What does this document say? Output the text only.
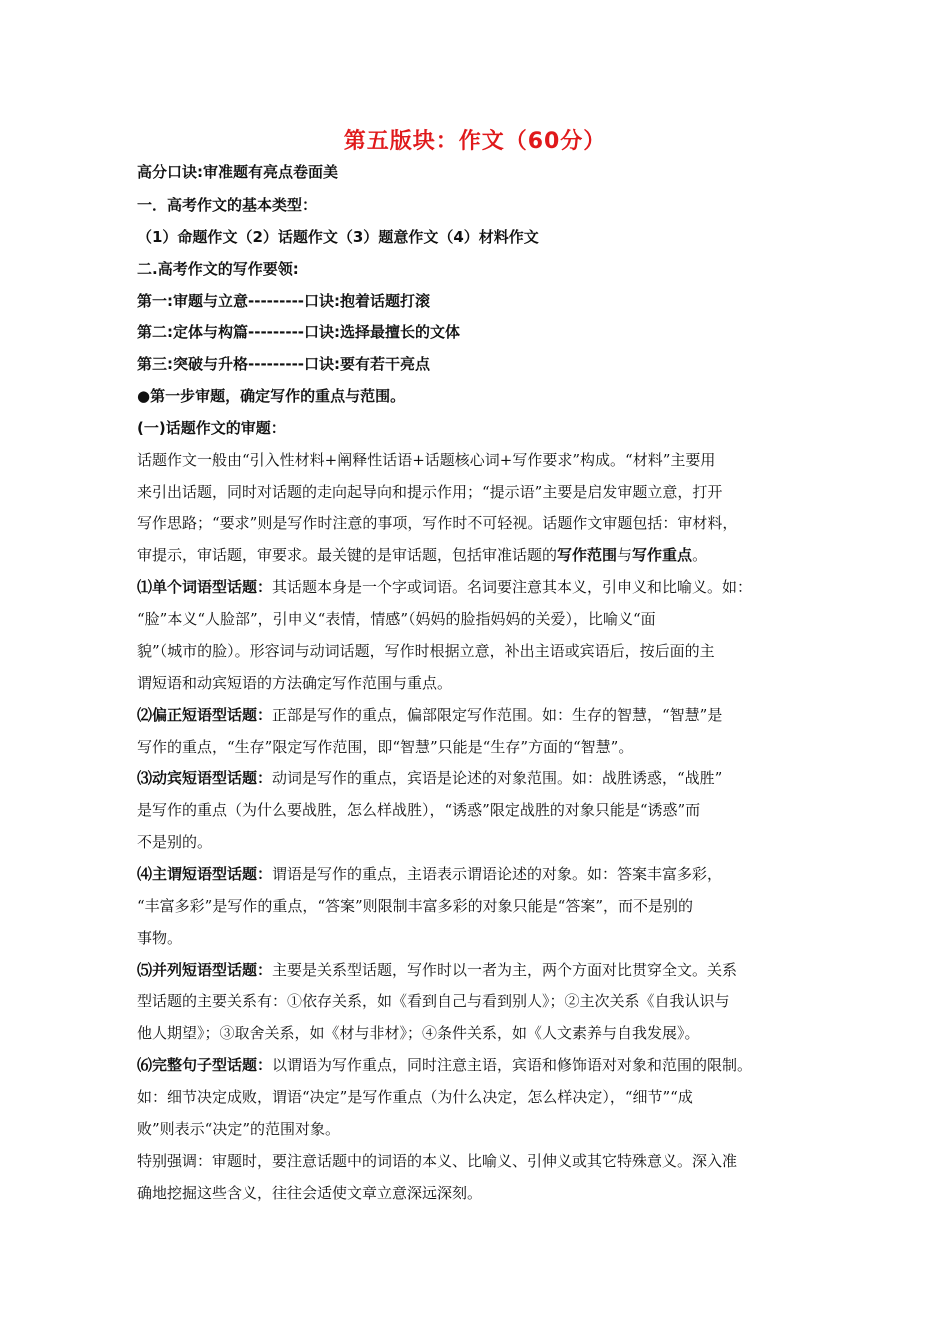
第五版块：作文（60分）
高分口诀:审准题有亮点卷面美
一．高考作文的基本类型：
（1）命题作文（2）话题作文（3）题意作文（4）材料作文
二.高考作文的写作要领:
第一:审题与立意---------口诀:抱着话题打滚
第二:定体与构篇---------口诀:选择最擅长的文体
第三:突破与升格---------口诀:要有若干亮点
●第一步审题，确定写作的重点与范围。
(一)话题作文的审题：
话题作文一般由“引入性材料+阐释性话语+话题核心词+写作要求”构成。“材料”主要用
来引出话题，同时对话题的走向起导向和提示作用；“提示语”主要是启发审题立意，打开
写作思路；“要求”则是写作时注意的事项，写作时不可轻视。话题作文审题包括：审材料，
审提示，审话题，审要求。最关键的是审话题，包括审准话题的写作范围与写作重点。
⑴单个词语型话题：其话题本身是一个字或词语。名词要注意其本义，引申义和比喻义。如：
“脸”本义“人脸部”，引申义“表情，情感”（妈妈的脸指妈妈的关爱），比喻义“面
貌”（城市的脸）。形容词与动词话题，写作时根据立意，补出主语或宾语后，按后面的主
谓短语和动宾短语的方法确定写作范围与重点。
⑵偏正短语型话题：正部是写作的重点，偏部限定写作范围。如：生存的智慧，“智慧”是
写作的重点，“生存”限定写作范围，即“智慧”只能是“生存”方面的“智慧”。
⑶动宾短语型话题：动词是写作的重点，宾语是论述的对象范围。如：战胜诱惑，“战胜”
是写作的重点（为什么要战胜，怎么样战胜），“诱惑”限定战胜的对象只能是“诱惑”而
不是别的。
⑷主谓短语型话题：谓语是写作的重点，主语表示谓语论述的对象。如：答案丰富多彩，
“丰富多彩”是写作的重点，“答案”则限制丰富多彩的对象只能是“答案”，而不是别的
事物。
⑸并列短语型话题：主要是关系型话题，写作时以一者为主，两个方面对比贯穿全文。关系
型话题的主要关系有：①依存关系，如《看到自己与看到别人》；②主次关系《自我认识与
他人期望》；③取舍关系，如《材与非材》；④条件关系，如《人文素养与自我发展》。
⑹完整句子型话题：以谓语为写作重点，同时注意主语，宾语和修饰语对对象和范围的限制。
如：细节决定成败，谓语“决定”是写作重点（为什么决定，怎么样决定），“细节”“成
败”则表示“决定”的范围对象。
特别强调：审题时，要注意话题中的词语的本义、比喻义、引伸义或其它特殊意义。深入准
确地挖掘这些含义，往往会适使文章立意深远深刻。
